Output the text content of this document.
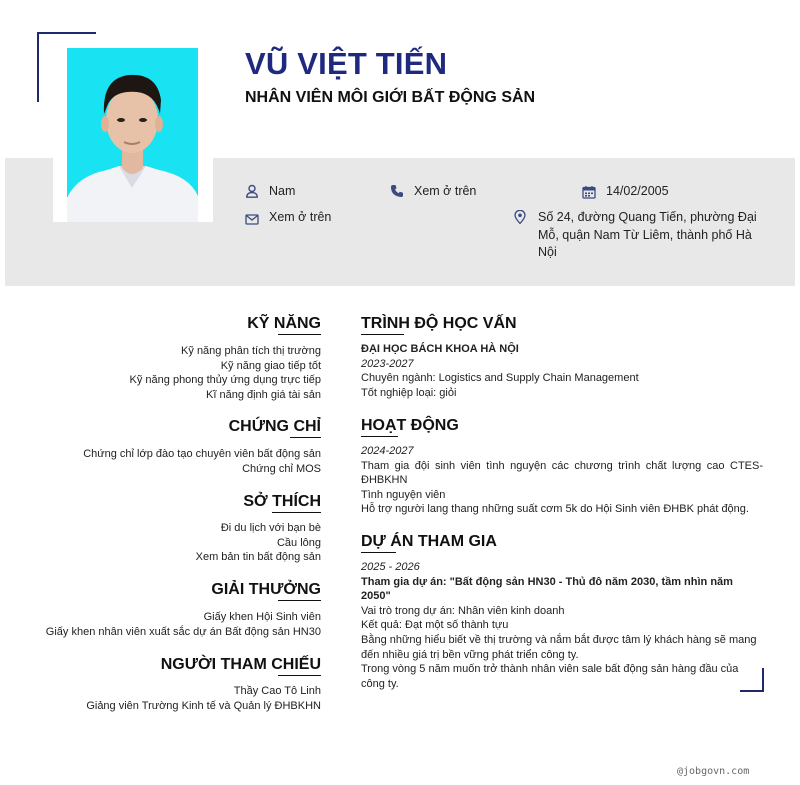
VŨ VIỆT TIẾN
NHÂN VIÊN MÔI GIỚI BẤT ĐỘNG SẢN
Nam	Xem ở trên	14/02/2005
Xem ở trên	Số 24, đường Quang Tiến, phường Đại Mỗ, quận Nam Từ Liêm, thành phố Hà Nội
KỸ NĂNG
Kỹ năng phân tích thị trường
Kỹ năng giao tiếp tốt
Kỹ năng phong thủy ứng dụng trực tiếp
Kĩ năng định giá tài sản
CHỨNG CHỈ
Chứng chỉ lớp đào tạo chuyên viên bất động sản
Chứng chỉ MOS
SỞ THÍCH
Đi du lịch với bạn bè
Cầu lông
Xem bản tin bất động sản
GIẢI THƯỞNG
Giấy khen Hội Sinh viên
Giấy khen nhân viên xuất sắc dự án Bất động sản HN30
NGƯỜI THAM CHIẾU
Thầy Cao Tô Linh
Giảng viên Trường Kinh tế và Quản lý ĐHBKHN
TRÌNH ĐỘ HỌC VẤN
ĐẠI HỌC BÁCH KHOA HÀ NỘI
2023-2027
Chuyên ngành: Logistics and Supply Chain Management
Tốt nghiệp loại: giỏi
HOẠT ĐỘNG
2024-2027
Tham gia đội sinh viên tình nguyện các chương trình chất lượng cao CTES-ĐHBKHN
Tình nguyện viên
Hỗ trợ người lang thang những suất cơm 5k do Hội Sinh viên ĐHBK phát động.
DỰ ÁN THAM GIA
2025 - 2026
Tham gia dự án: "Bất động sản HN30 - Thủ đô năm 2030, tầm nhìn năm 2050"
Vai trò trong dự án: Nhân viên kinh doanh
Kết quả: Đạt một số thành tựu
Bằng những hiểu biết về thị trường và nắm bắt được tâm lý khách hàng sẽ mang đến nhiều giá trị bền vững phát triển công ty.
Trong vòng 5 năm muốn trở thành nhân viên sale bất động sản hàng đầu của công ty.
@jobgovn.com
